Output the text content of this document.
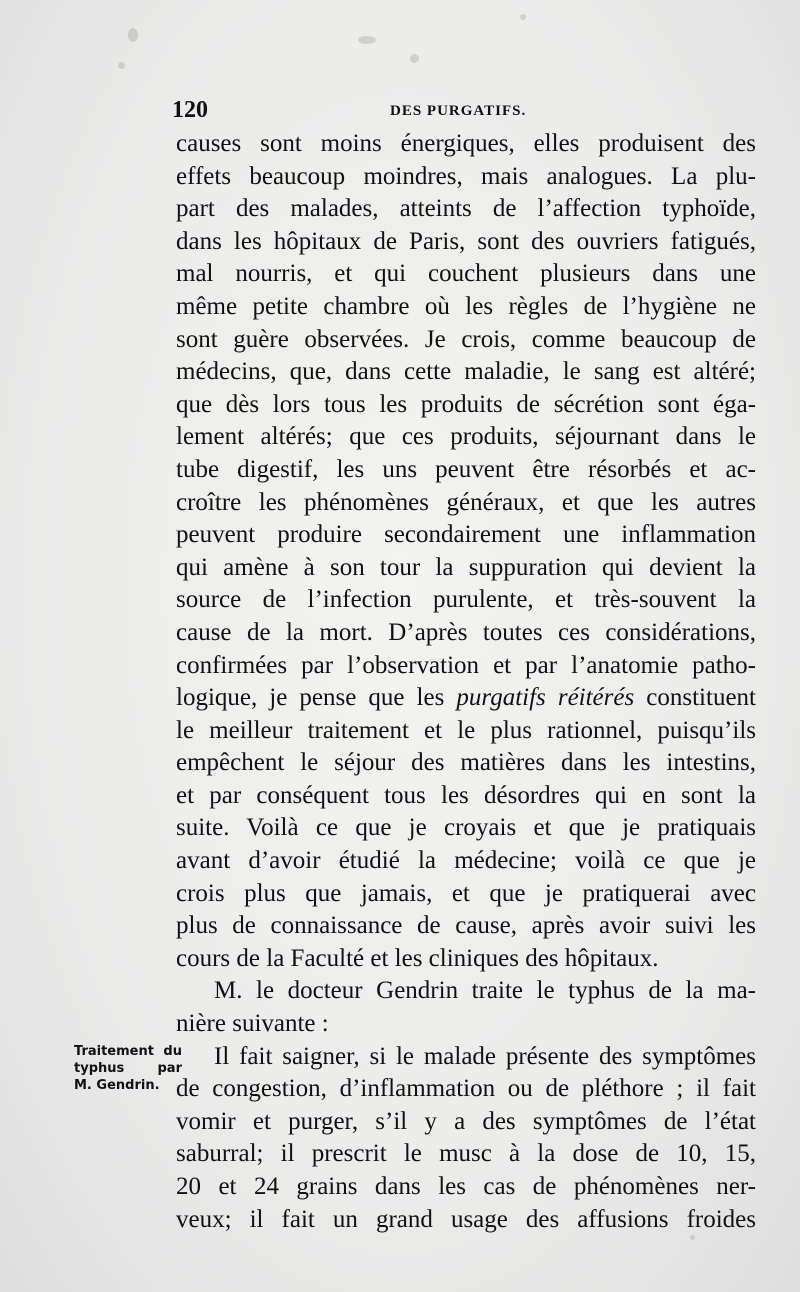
120	DES PURGATIFS.
causes sont moins énergiques, elles produisent des
effets beaucoup moindres, mais analogues. La plu-
part des malades, atteints de l’affection typhoïde,
dans les hôpitaux de Paris, sont des ouvriers fatigués,
mal nourris, et qui couchent plusieurs dans une
même petite chambre où les règles de l’hygiène ne
sont guère observées. Je crois, comme beaucoup de
médecins, que, dans cette maladie, le sang est altéré;
que dès lors tous les produits de sécrétion sont éga-
lement altérés; que ces produits, séjournant dans le
tube digestif, les uns peuvent être résorbés et ac-
croître les phénomènes généraux, et que les autres
peuvent produire secondairement une inflammation
qui amène à son tour la suppuration qui devient la
source de l’infection purulente, et très-souvent la
cause de la mort. D’après toutes ces considérations,
confirmées par l’observation et par l’anatomie patho-
logique, je pense que les purgatifs réitérés constituent
le meilleur traitement et le plus rationnel, puisqu’ils
empêchent le séjour des matières dans les intestins,
et par conséquent tous les désordres qui en sont la
suite. Voilà ce que je croyais et que je pratiquais
avant d’avoir étudié la médecine; voilà ce que je
crois plus que jamais, et que je pratiquerai avec
plus de connaissance de cause, après avoir suivi les
cours de la Faculté et les cliniques des hôpitaux.
M. le docteur Gendrin traite le typhus de la ma-
nière suivante :
Il fait saigner, si le malade présente des symptômes
de congestion, d’inflammation ou de pléthore ; il fait
vomir et purger, s’il y a des symptômes de l’état
saburral; il prescrit le musc à la dose de 10, 15,
20 et 24 grains dans les cas de phénomènes ner-
veux; il fait un grand usage des affusions froides
Traitement du
typhus par
M. Gendrin.
